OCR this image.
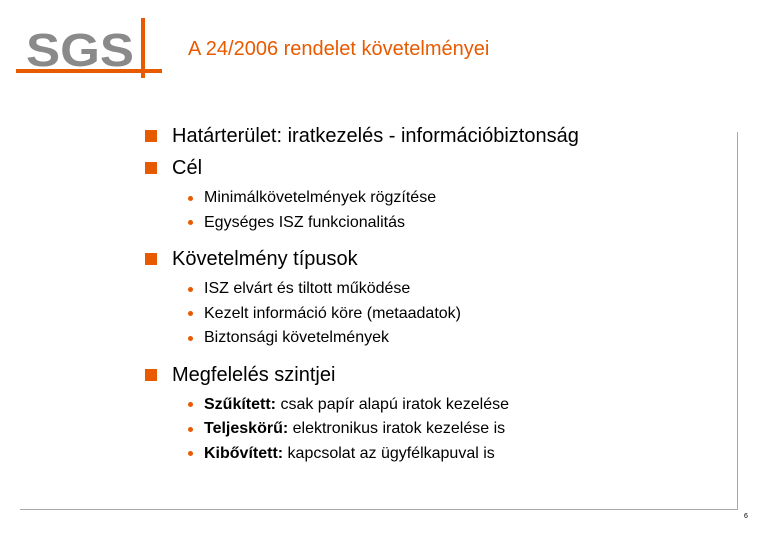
SGS	A 24/2006 rendelet követelményei
Határterület: iratkezelés - információbiztonság
Cél
Minimálkövetelmények rögzítése
Egységes ISZ funkcionalitás
Követelmény típusok
ISZ elvárt és tiltott működése
Kezelt információ köre (metaadatok)
Biztonsági követelmények
Megfelelés szintjei
Szűkített: csak papír alapú iratok kezelése
Teljeskörű: elektronikus iratok kezelése is
Kibővített: kapcsolat az ügyfélkapuval is
6
